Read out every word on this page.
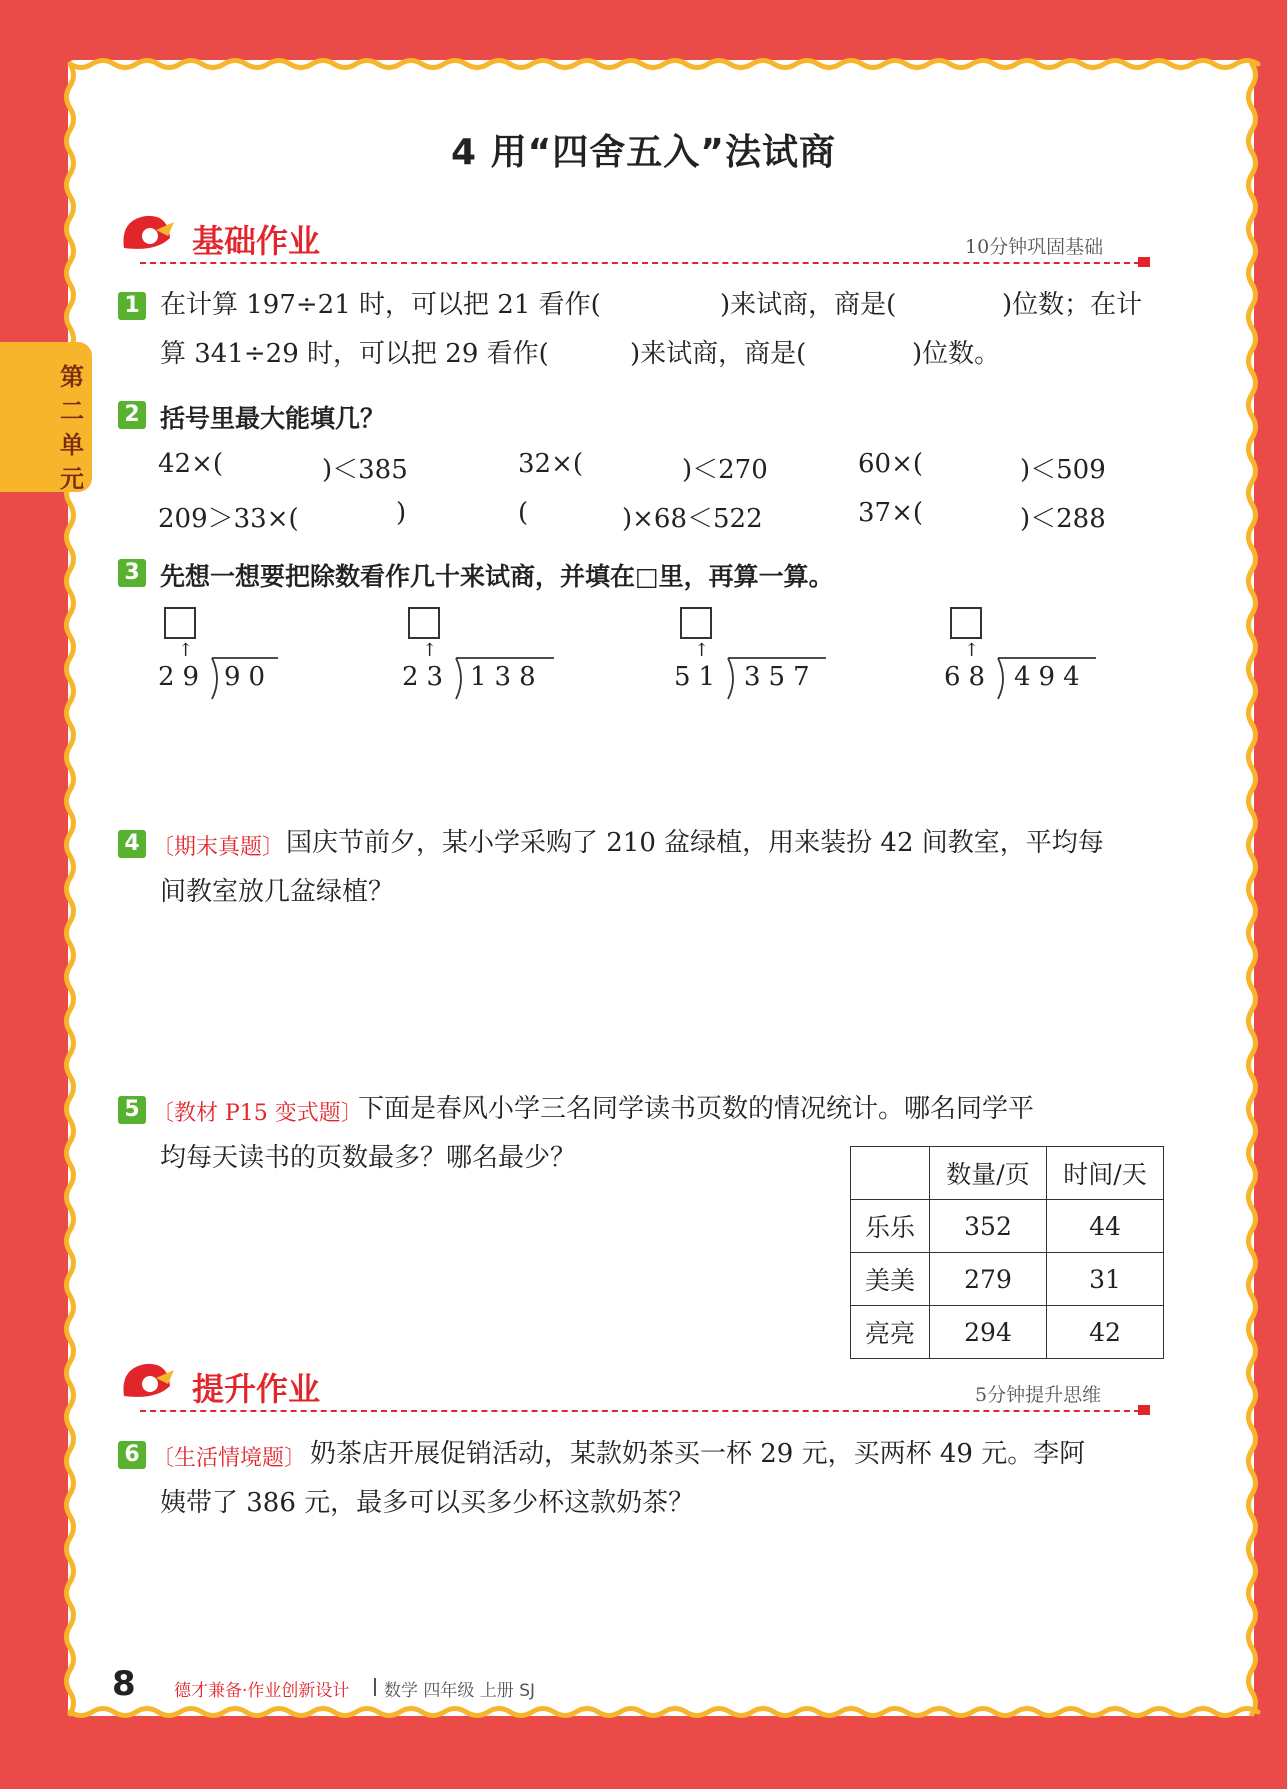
4 用“四舍五入”法试商
第二单元
基础作业	10分钟巩固基础
1 在计算 197÷21 时，可以把 21 看作(	)来试商，商是(	)位数；在计
算 341÷29 时，可以把 29 看作(	)来试商，商是(	)位数。
2 括号里最大能填几？
42×(	)＜385	32×(	)＜270	60×(	)＜509
209＞33×(	)	(	)×68＜522	37×(	)＜288
3 先想一想要把除数看作几十来试商，并填在□里，再算一算。
↑
29 90
↑
23 138
↑
51 357
↑
68 494
4 〔期末真题〕 国庆节前夕，某小学采购了 210 盆绿植，用来装扮 42 间教室，平均每
间教室放几盆绿植？
5 〔教材 P15 变式题〕
下面是春风小学三名同学读书页数的情况统计。哪名同学平
均每天读书的页数最多？哪名最少？
	数量/页	时间/天
乐乐	352	44
美美	279	31
亮亮	294	42
提升作业	5分钟提升思维
6 〔生活情境题〕 奶茶店开展促销活动，某款奶茶买一杯 29 元，买两杯 49 元。李阿
姨带了 386 元，最多可以买多少杯这款奶茶？
8 德才兼备·作业创新设计 数学 四年级 上册 SJ
